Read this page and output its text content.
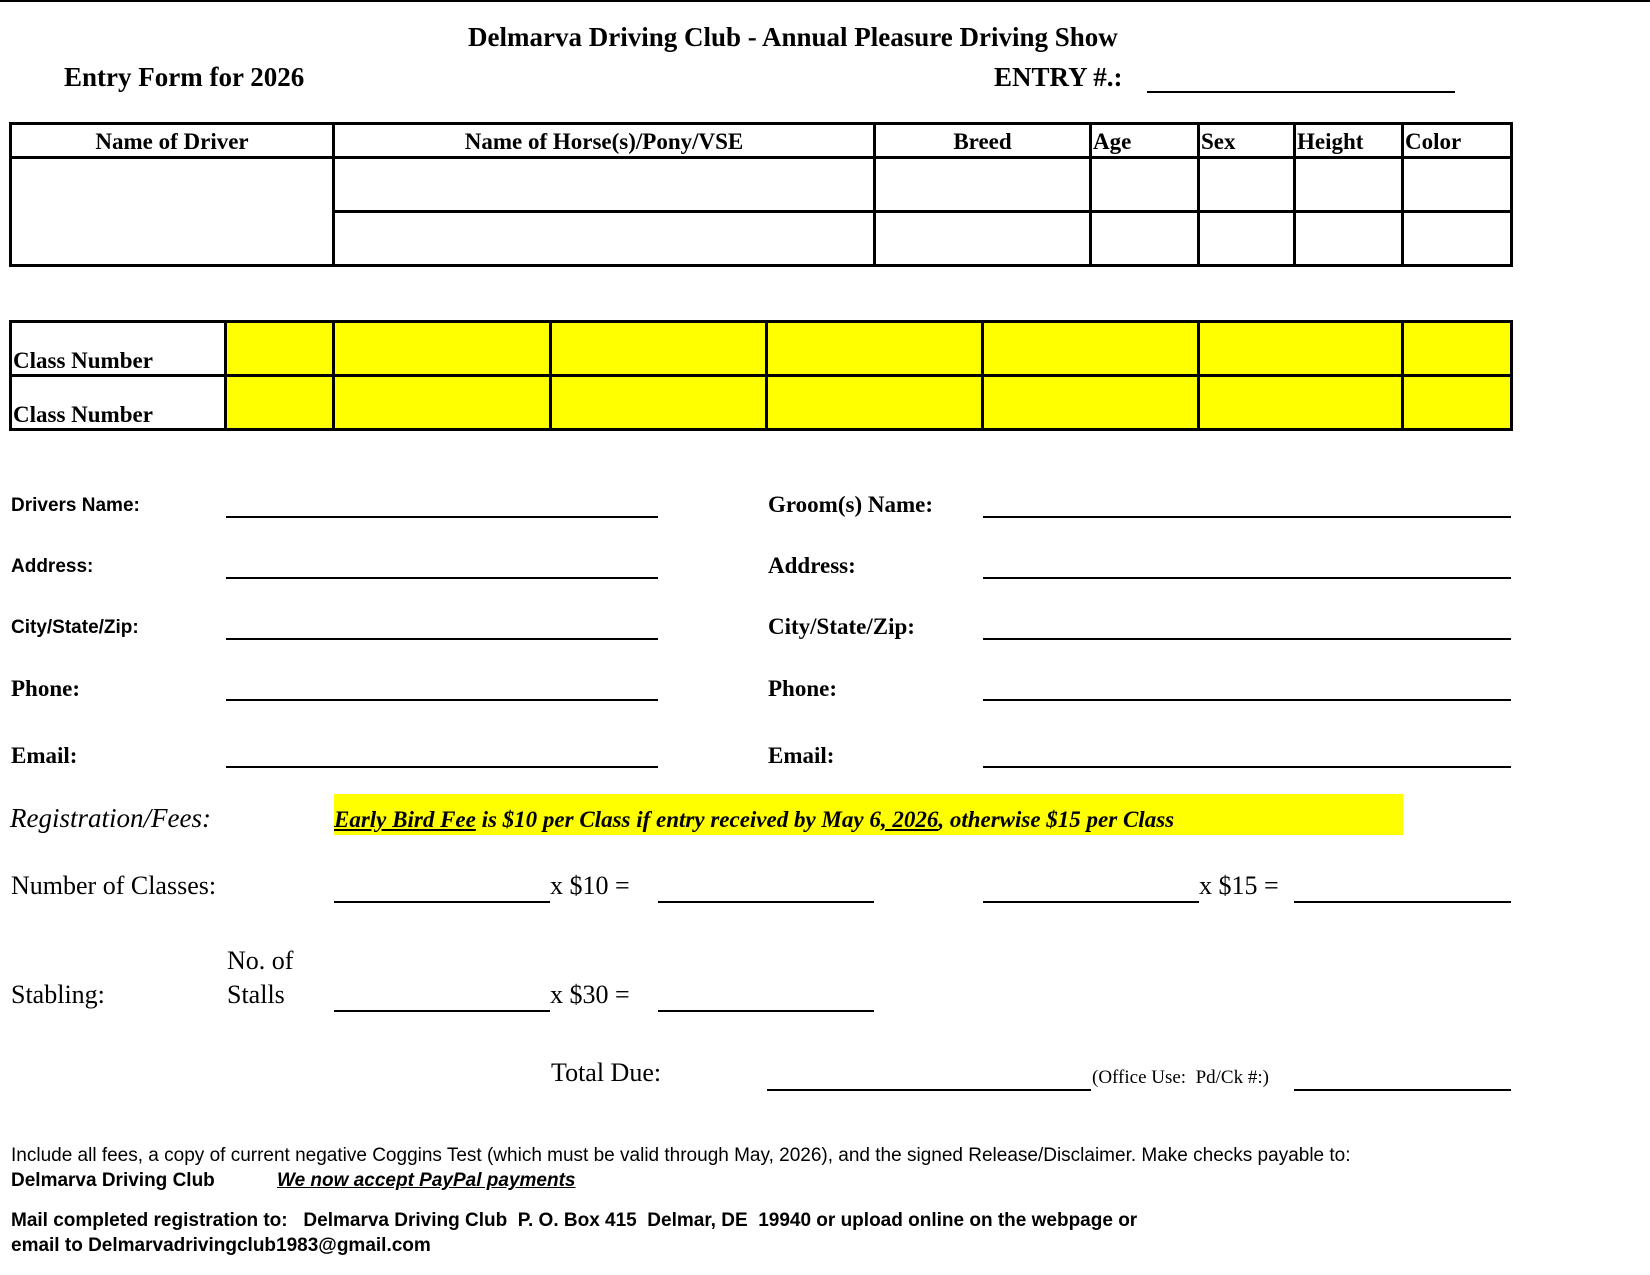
Delmarva Driving Club - Annual Pleasure Driving Show
Entry Form for 2026	ENTRY #.:
Name of Driver	Name of Horse(s)/Pony/VSE	Breed	Age	Sex	Height Color
Class Number
Class Number
Drivers Name:
Address:
City/State/Zip:
Phone:
Email:
Groom(s) Name:
Address:
City/State/Zip:
Phone:
Email:
Registration/Fees:	Early Bird Fee is $10 per Class if entry received by May 6, 2026, otherwise $15 per Class
Number of Classes:	x $10 =	x $15 =
Stabling:
No. of
Stalls	x $30 =
Total Due:	(Office Use:  Pd/Ck #:)
Include all fees, a copy of current negative Coggins Test (which must be valid through May, 2026), and the signed Release/Disclaimer. Make checks payable to:
Delmarva Driving Club	We now accept PayPal payments
Mail completed registration to:   Delmarva Driving Club  P. O. Box 415  Delmar, DE  19940 or upload online on the webpage or
email to Delmarvadrivingclub1983@gmail.com
